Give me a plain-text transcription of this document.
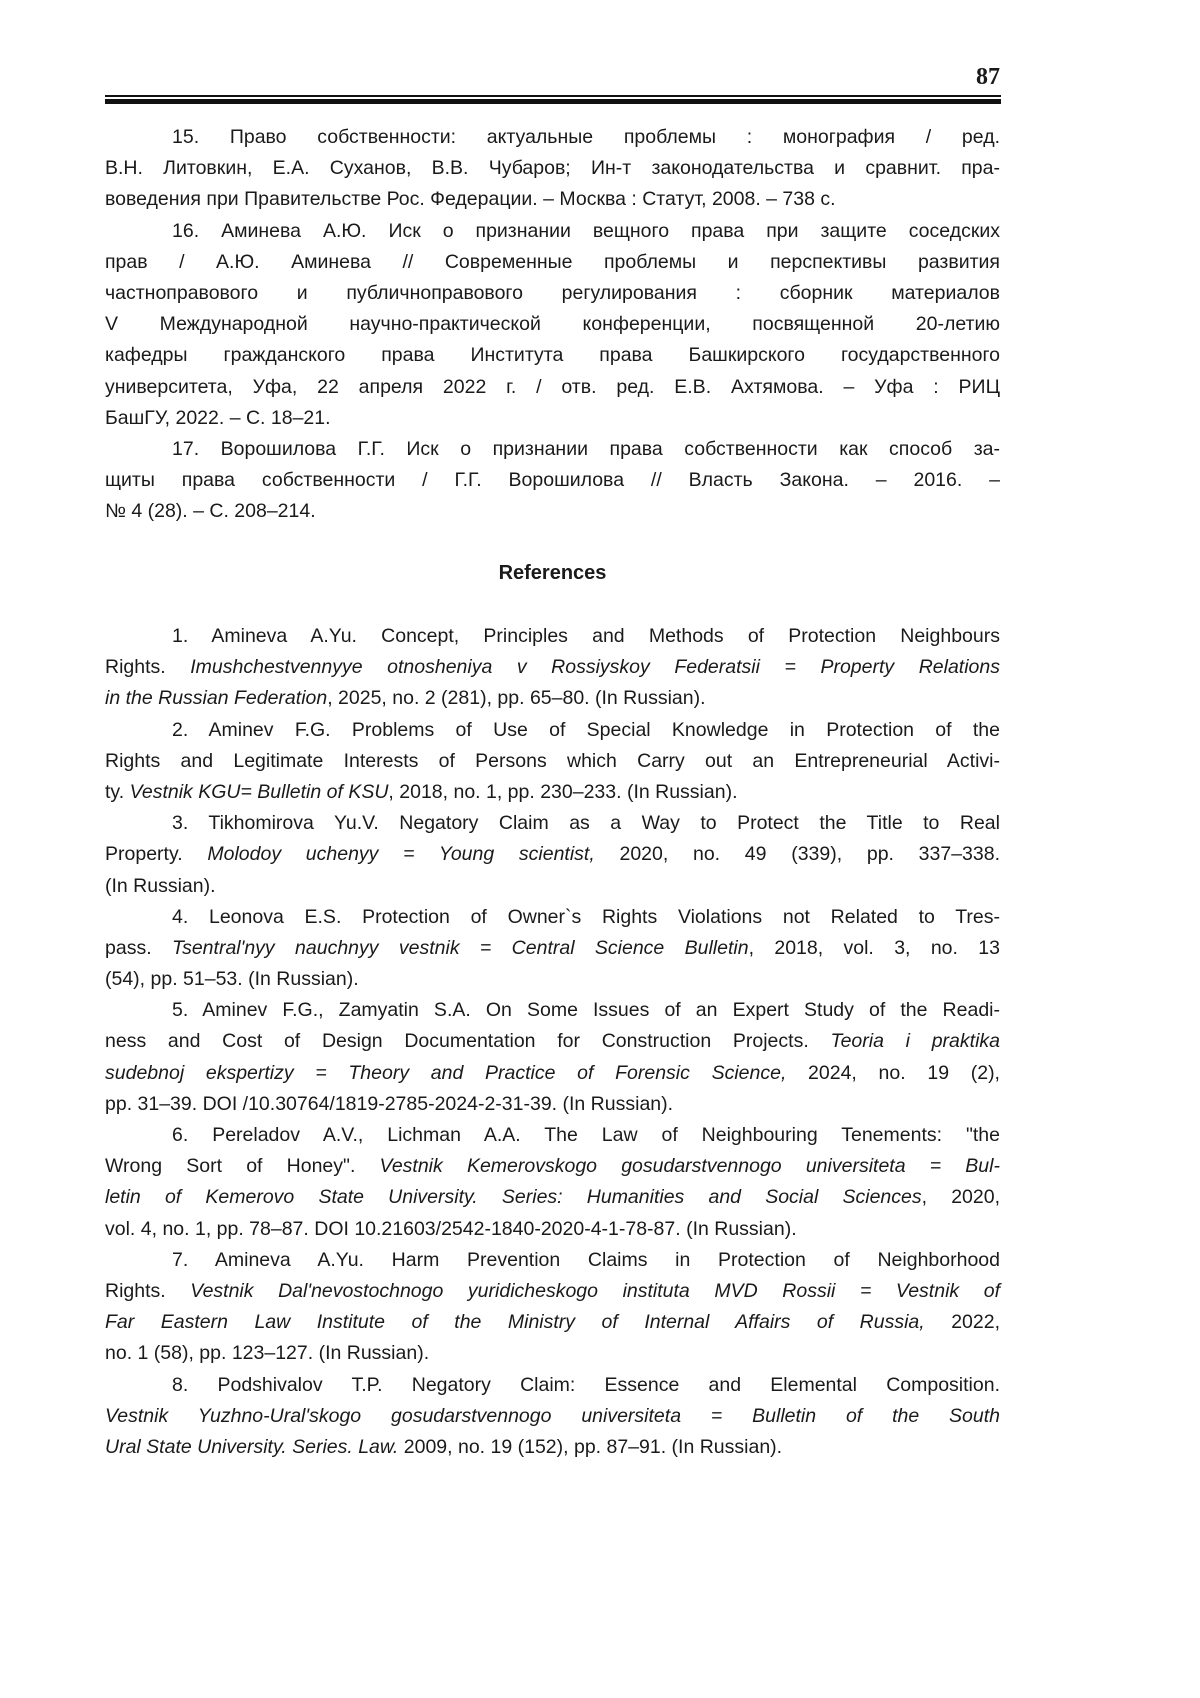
87
15. Право собственности: актуальные проблемы : монография / ред.
В.Н. Литовкин, Е.А. Суханов, В.В. Чубаров; Ин-т законодательства и сравнит. пра-
воведения при Правительстве Рос. Федерации. – Москва : Статут, 2008. – 738 с.
16. Аминева А.Ю. Иск о признании вещного права при защите соседских
прав / А.Ю. Аминева // Современные проблемы и перспективы развития
частноправового и публичноправового регулирования : сборник материалов
V Международной научно-практической конференции, посвященной 20-летию
кафедры гражданского права Института права Башкирского государственного
университета, Уфа, 22 апреля 2022 г. / отв. ред. Е.В. Ахтямова. – Уфа : РИЦ
БашГУ, 2022. – С. 18–21.
17. Ворошилова Г.Г. Иск о признании права собственности как способ за-
щиты права собственности / Г.Г. Ворошилова // Власть Закона. – 2016. –
№ 4 (28). – С. 208–214.
References
1. Amineva A.Yu. Concept, Principles and Methods of Protection Neighbours
Rights. Imushchestvennyye otnosheniya v Rossiyskoy Federatsii = Property Relations
in the Russian Federation, 2025, no. 2 (281), pp. 65–80. (In Russian).
2. Aminev F.G. Problems of Use of Special Knowledge in Protection of the
Rights and Legitimate Interests of Persons which Carry out an Entrepreneurial Activi-
ty. Vestnik KGU= Bulletin of KSU, 2018, no. 1, pp. 230–233. (In Russian).
3. Tikhomirova Yu.V. Negatory Claim as a Way to Protect the Title to Real
Property. Molodoy uchenyy = Young scientist, 2020, no. 49 (339), pp. 337–338.
(In Russian).
4. Leonova E.S. Protection of Owner`s Rights Violations not Related to Tres-
pass. Tsentral'nyy nauchnyy vestnik = Central Science Bulletin, 2018, vol. 3, no. 13
(54), pp. 51–53. (In Russian).
5. Aminev F.G., Zamyatin S.A. On Some Issues of an Expert Study of the Readi-
ness and Cost of Design Documentation for Construction Projects. Teoria i praktika
sudebnoj ekspertizy = Theory and Practice of Forensic Science, 2024, no. 19 (2),
pp. 31–39. DOI /10.30764/1819-2785-2024-2-31-39. (In Russian).
6. Pereladov A.V., Lichman A.A. The Law of Neighbouring Tenements: "the
Wrong Sort of Honey". Vestnik Kemerovskogo gosudarstvennogo universiteta = Bul-
letin of Kemerovo State University. Series: Humanities and Social Sciences, 2020,
vol. 4, no. 1, pp. 78–87. DOI 10.21603/2542-1840-2020-4-1-78-87. (In Russian).
7. Amineva A.Yu. Harm Prevention Claims in Protection of Neighborhood
Rights. Vestnik Dal'nevostochnogo yuridicheskogo instituta MVD Rossii = Vestnik of
Far Eastern Law Institute of the Ministry of Internal Affairs of Russia, 2022,
no. 1 (58), pp. 123–127. (In Russian).
8. Podshivalov T.P. Negatory Claim: Essence and Elemental Composition.
Vestnik Yuzhno-Ural'skogo gosudarstvennogo universiteta = Bulletin of the South
Ural State University. Series. Law. 2009, no. 19 (152), pp. 87–91. (In Russian).
